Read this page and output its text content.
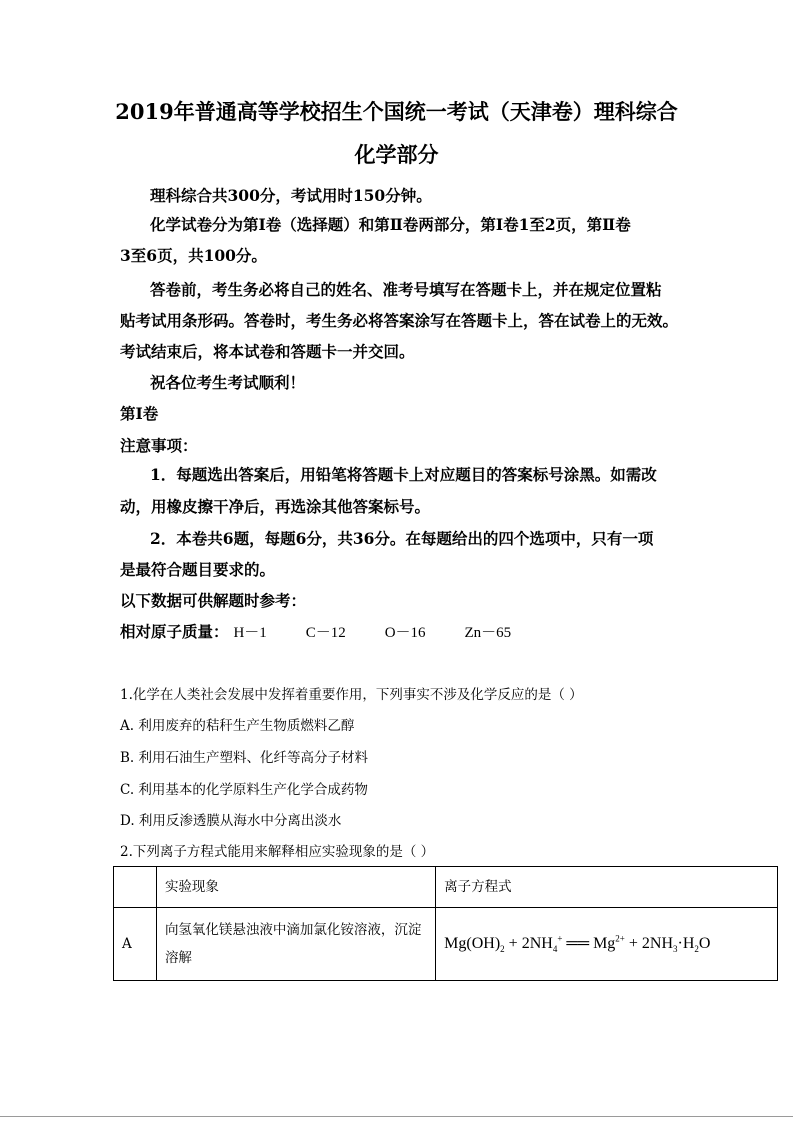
2019年普通高等学校招生个国统一考试（天津卷）理科综合
化学部分
理科综合共300分，考试用时150分钟。
化学试卷分为第Ⅰ卷（选择题）和第Ⅱ卷两部分，第Ⅰ卷1至2页，第Ⅱ卷
3至6页，共100分。
答卷前，考生务必将自己的姓名、准考号填写在答题卡上，并在规定位置粘
贴考试用条形码。答卷时，考生务必将答案涂写在答题卡上，答在试卷上的无效。
考试结束后，将本试卷和答题卡一并交回。
祝各位考生考试顺利！
第Ⅰ卷
注意事项：
1．每题选出答案后，用铅笔将答题卡上对应题目的答案标号涂黑。如需改
动，用橡皮擦干净后，再选涂其他答案标号。
2．本卷共6题，每题6分，共36分。在每题给出的四个选项中，只有一项
是最符合题目要求的。
以下数据可供解题时参考：
相对原子质量： H－1	C－12	O－16	Zn－65
1.化学在人类社会发展中发挥着重要作用，下列事实不涉及化学反应的是（ ）
A. 利用废弃的秸秆生产生物质燃料乙醇
B. 利用石油生产塑料、化纤等高分子材料
C. 利用基本的化学原料生产化学合成药物
D. 利用反渗透膜从海水中分离出淡水
2.下列离子方程式能用来解释相应实验现象的是（ ）
	实验现象	离子方程式
A	向氢氧化镁悬浊液中滴加氯化铵溶液，沉淀溶解	$Mg(OH)_2 + 2NH_4^+$ ══ $Mg^{2+} + 2NH_3\cdot H_2O$
